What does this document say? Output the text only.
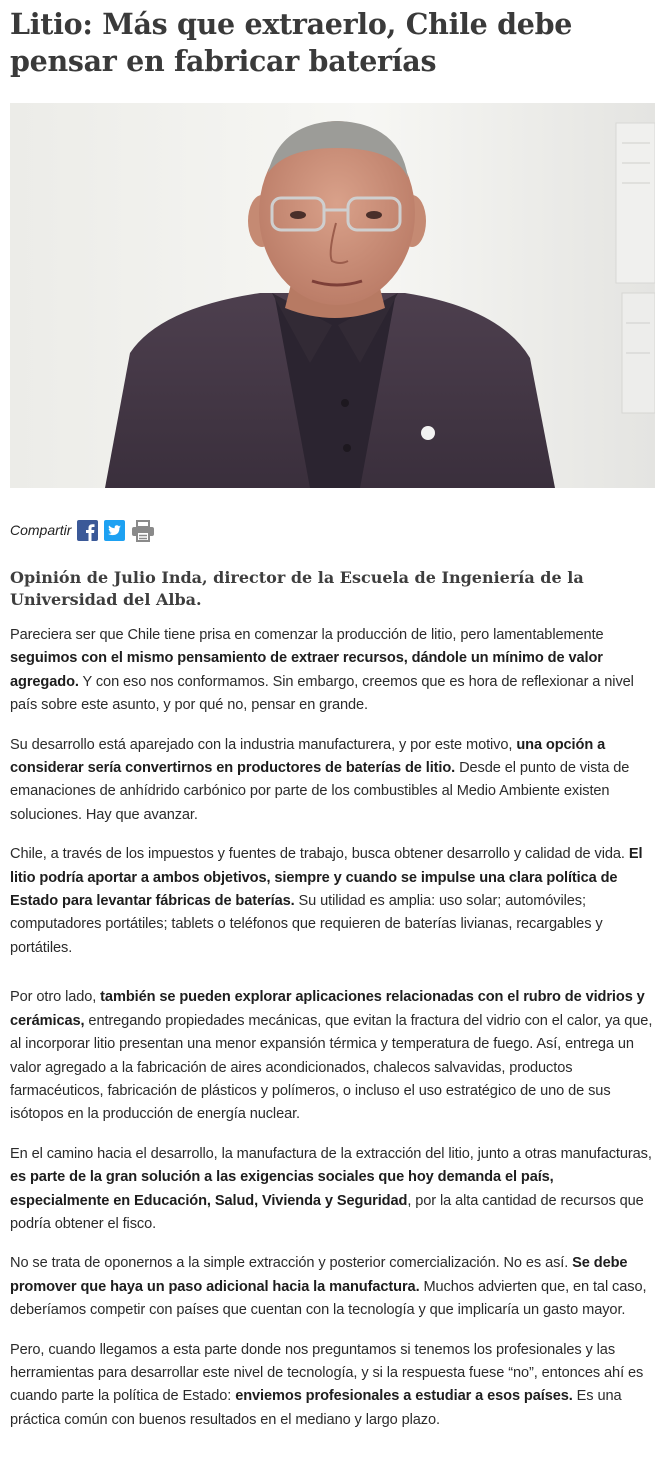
Litio: Más que extraerlo, Chile debe pensar en fabricar baterías
Compartir
Opinión de Julio Inda, director de la Escuela de Ingeniería de la Universidad del Alba.

Pareciera ser que Chile tiene prisa en comenzar la producción de litio, pero lamentablemente seguimos con el mismo pensamiento de extraer recursos, dándole un mínimo de valor agregado. Y con eso nos conformamos. Sin embargo, creemos que es hora de reflexionar a nivel país sobre este asunto, y por qué no, pensar en grande.

Su desarrollo está aparejado con la industria manufacturera, y por este motivo, una opción a considerar sería convertirnos en productores de baterías de litio. Desde el punto de vista de emanaciones de anhídrido carbónico por parte de los combustibles al Medio Ambiente existen soluciones. Hay que avanzar.

Chile, a través de los impuestos y fuentes de trabajo, busca obtener desarrollo y calidad de vida. El litio podría aportar a ambos objetivos, siempre y cuando se impulse una clara política de Estado para levantar fábricas de baterías. Su utilidad es amplia: uso solar; automóviles; computadores portátiles; tablets o teléfonos que requieren de baterías livianas, recargables y portátiles.

Por otro lado, también se pueden explorar aplicaciones relacionadas con el rubro de vidrios y cerámicas, entregando propiedades mecánicas, que evitan la fractura del vidrio con el calor, ya que, al incorporar litio presentan una menor expansión térmica y temperatura de fuego. Así, entrega un valor agregado a la fabricación de aires acondicionados, chalecos salvavidas, productos farmacéuticos, fabricación de plásticos y polímeros, o incluso el uso estratégico de uno de sus isótopos en la producción de energía nuclear.

En el camino hacia el desarrollo, la manufactura de la extracción del litio, junto a otras manufacturas, es parte de la gran solución a las exigencias sociales que hoy demanda el país, especialmente en Educación, Salud, Vivienda y Seguridad, por la alta cantidad de recursos que podría obtener el fisco.

No se trata de oponernos a la simple extracción y posterior comercialización. No es así. Se debe promover que haya un paso adicional hacia la manufactura. Muchos advierten que, en tal caso, deberíamos competir con países que cuentan con la tecnología y que implicaría un gasto mayor.

Pero, cuando llegamos a esta parte donde nos preguntamos si tenemos los profesionales y las herramientas para desarrollar este nivel de tecnología, y si la respuesta fuese “no”, entonces ahí es cuando parte la política de Estado: enviemos profesionales a estudiar a esos países. Es una práctica común con buenos resultados en el mediano y largo plazo.
